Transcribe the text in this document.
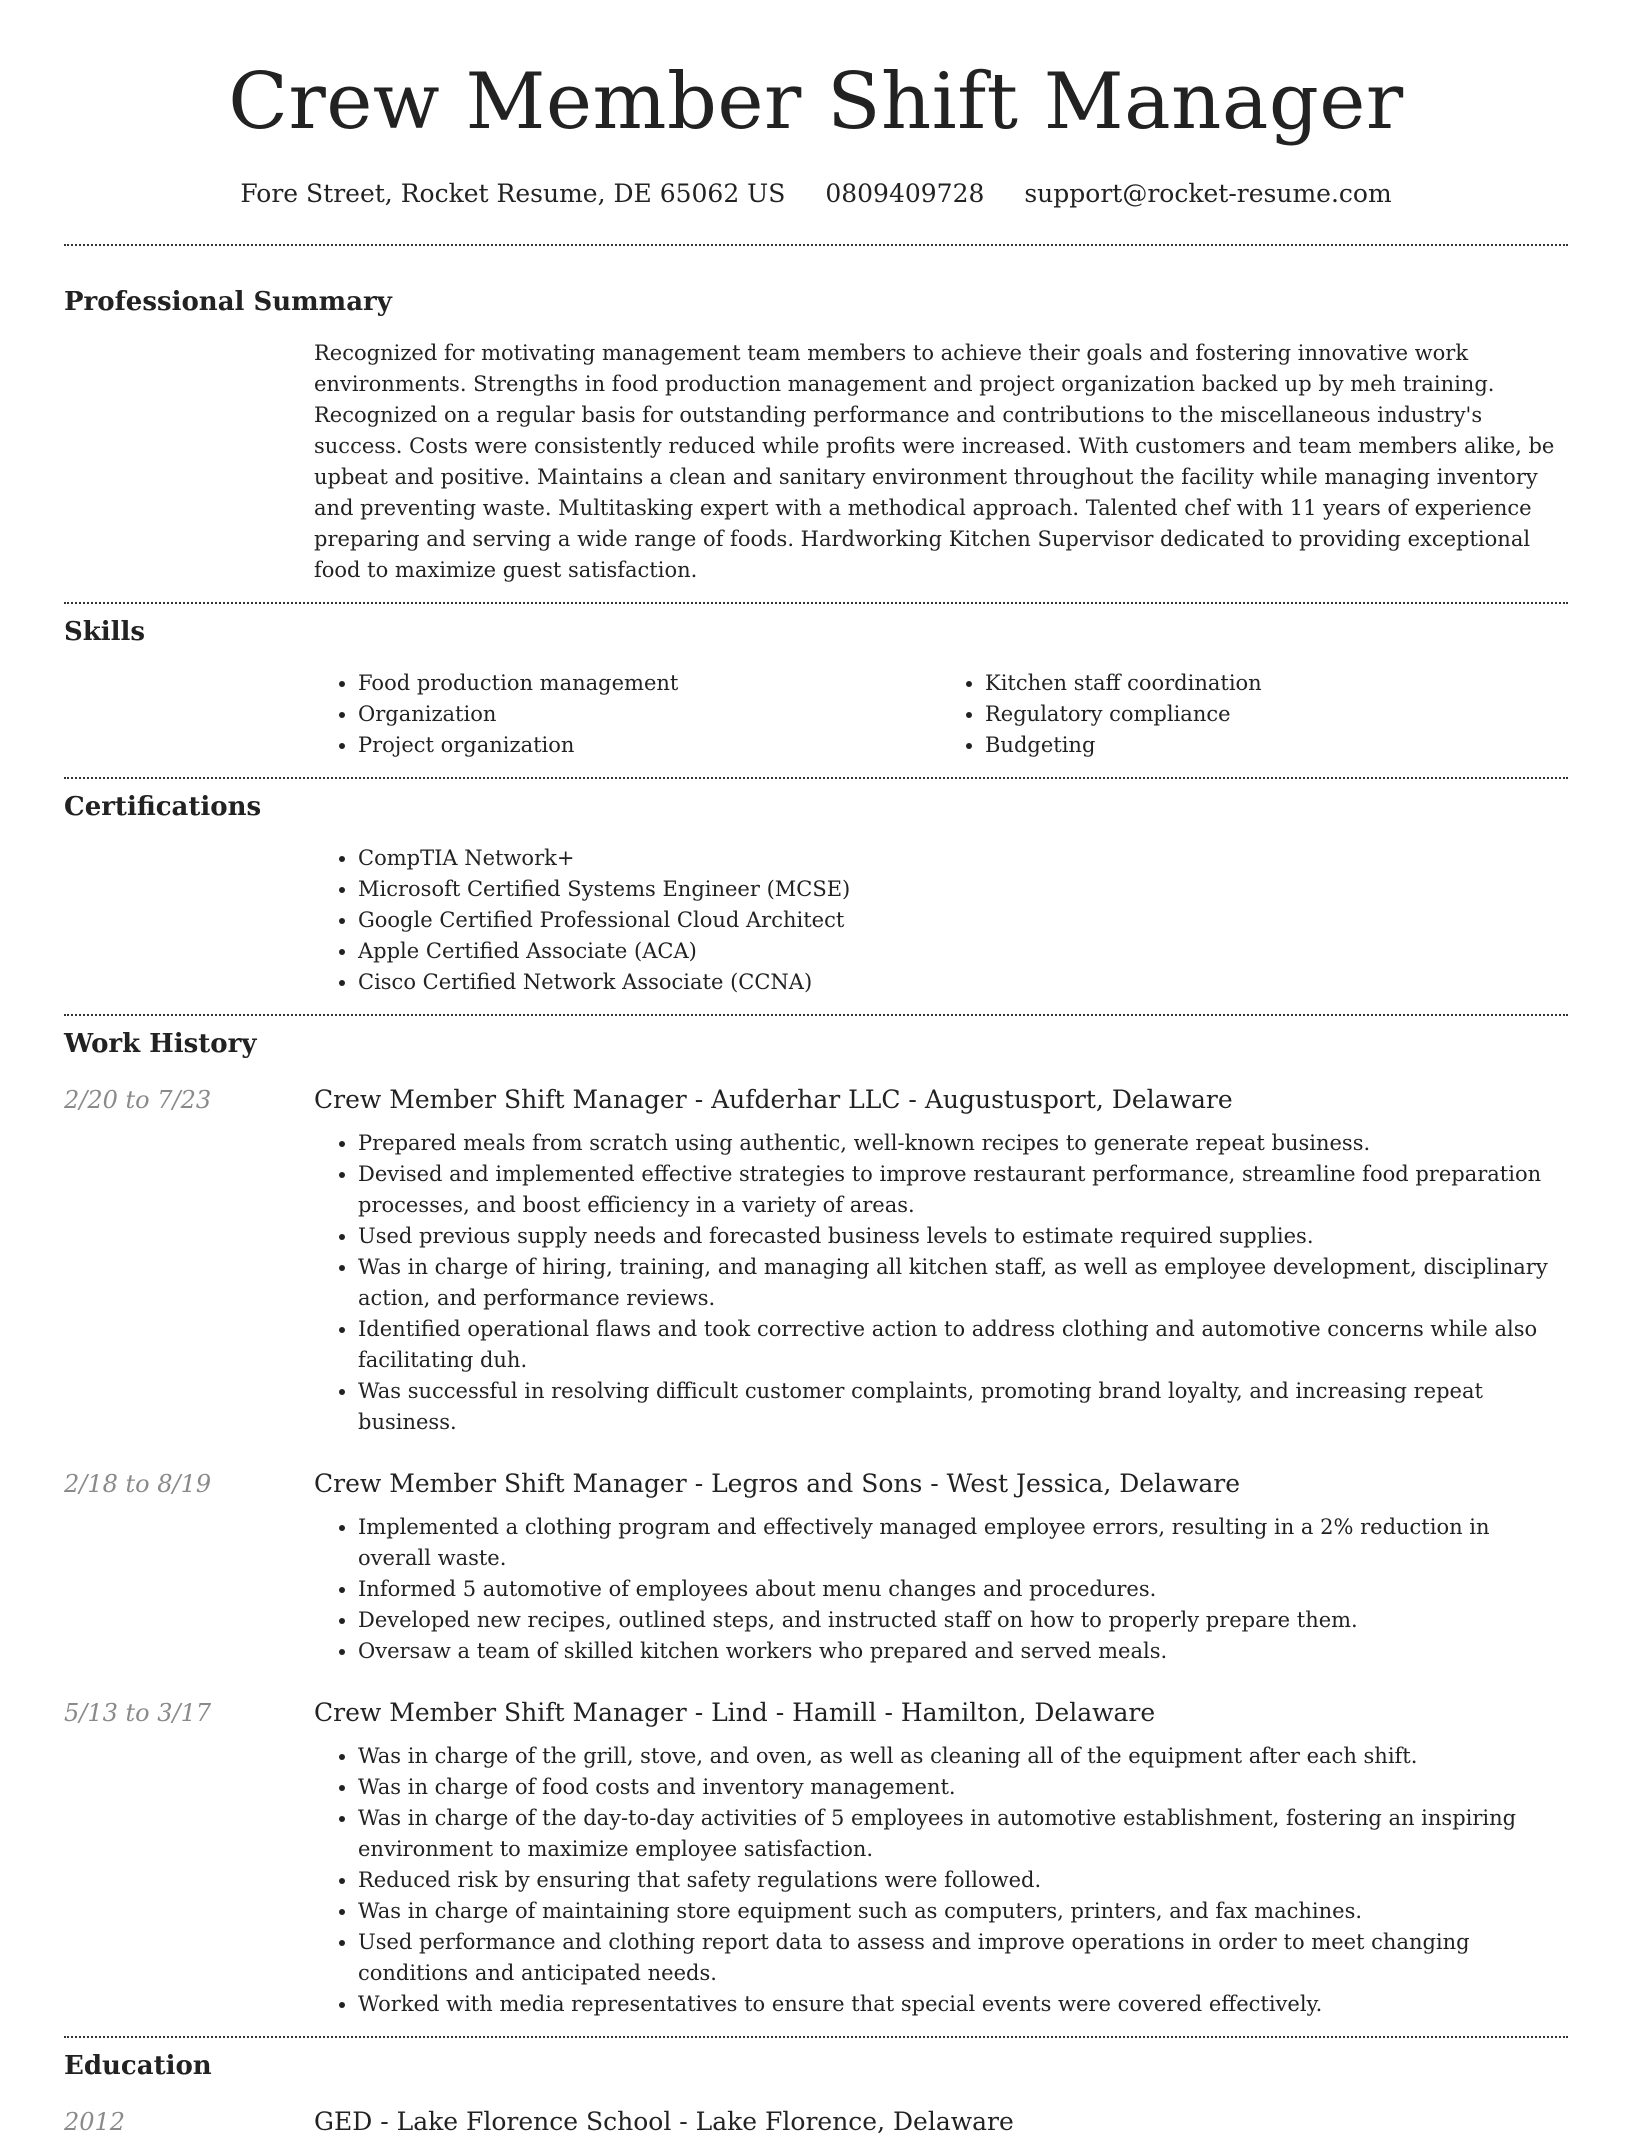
Crew Member Shift Manager
Fore Street, Rocket Resume, DE 65062 US 0809409728 support@rocket-resume.com
Professional Summary
Recognized for motivating management team members to achieve their goals and fostering innovative work environments. Strengths in food production management and project organization backed up by meh training. Recognized on a regular basis for outstanding performance and contributions to the miscellaneous industry's success. Costs were consistently reduced while profits were increased. With customers and team members alike, be upbeat and positive. Maintains a clean and sanitary environment throughout the facility while managing inventory and preventing waste. Multitasking expert with a methodical approach. Talented chef with 11 years of experience preparing and serving a wide range of foods. Hardworking Kitchen Supervisor dedicated to providing exceptional food to maximize guest satisfaction.
Skills
• Food production management
• Organization
• Project organization
• Kitchen staff coordination
• Regulatory compliance
• Budgeting
Certifications
• CompTIA Network+
• Microsoft Certified Systems Engineer (MCSE)
• Google Certified Professional Cloud Architect
• Apple Certified Associate (ACA)
• Cisco Certified Network Associate (CCNA)
Work History
2/20 to 7/23	Crew Member Shift Manager - Aufderhar LLC - Augustusport, Delaware
• Prepared meals from scratch using authentic, well-known recipes to generate repeat business.
• Devised and implemented effective strategies to improve restaurant performance, streamline food preparation processes, and boost efficiency in a variety of areas.
• Used previous supply needs and forecasted business levels to estimate required supplies.
• Was in charge of hiring, training, and managing all kitchen staff, as well as employee development, disciplinary action, and performance reviews.
• Identified operational flaws and took corrective action to address clothing and automotive concerns while also facilitating duh.
• Was successful in resolving difficult customer complaints, promoting brand loyalty, and increasing repeat business.
2/18 to 8/19	Crew Member Shift Manager - Legros and Sons - West Jessica, Delaware
• Implemented a clothing program and effectively managed employee errors, resulting in a 2% reduction in overall waste.
• Informed 5 automotive of employees about menu changes and procedures.
• Developed new recipes, outlined steps, and instructed staff on how to properly prepare them.
• Oversaw a team of skilled kitchen workers who prepared and served meals.
5/13 to 3/17	Crew Member Shift Manager - Lind - Hamill - Hamilton, Delaware
• Was in charge of the grill, stove, and oven, as well as cleaning all of the equipment after each shift.
• Was in charge of food costs and inventory management.
• Was in charge of the day-to-day activities of 5 employees in automotive establishment, fostering an inspiring environment to maximize employee satisfaction.
• Reduced risk by ensuring that safety regulations were followed.
• Was in charge of maintaining store equipment such as computers, printers, and fax machines.
• Used performance and clothing report data to assess and improve operations in order to meet changing conditions and anticipated needs.
• Worked with media representatives to ensure that special events were covered effectively.
Education
2012	GED - Lake Florence School - Lake Florence, Delaware
